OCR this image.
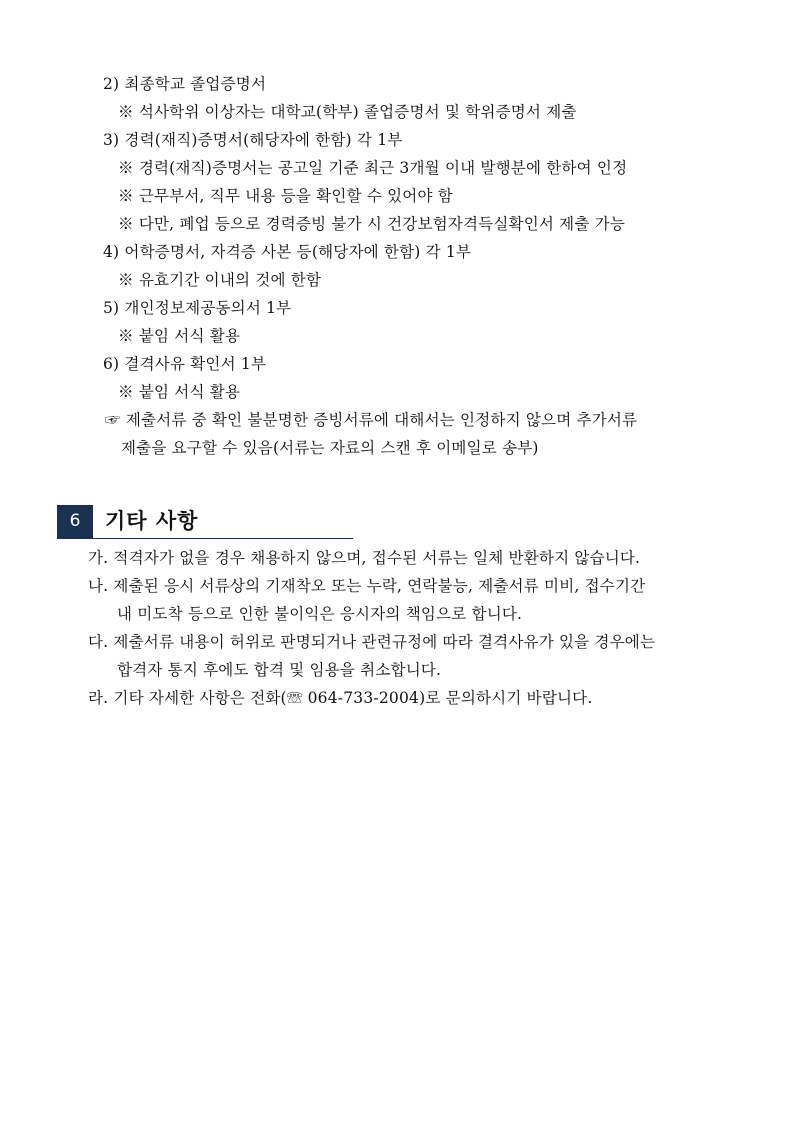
2) 최종학교 졸업증명서
※ 석사학위 이상자는 대학교(학부) 졸업증명서 및 학위증명서 제출
3) 경력(재직)증명서(해당자에 한함) 각 1부
※ 경력(재직)증명서는 공고일 기준 최근 3개월 이내 발행분에 한하여 인정
※ 근무부서, 직무 내용 등을 확인할 수 있어야 함
※ 다만, 폐업 등으로 경력증빙 불가 시 건강보험자격득실확인서 제출 가능
4) 어학증명서, 자격증 사본 등(해당자에 한함) 각 1부
※ 유효기간 이내의 것에 한함
5) 개인정보제공동의서 1부
※ 붙임 서식 활용
6) 결격사유 확인서 1부
※ 붙임 서식 활용
☞ 제출서류 중 확인 불분명한 증빙서류에 대해서는 인정하지 않으며 추가서류
제출을 요구할 수 있음(서류는 자료의 스캔 후 이메일로 송부)
6	기타 사항
가. 적격자가 없을 경우 채용하지 않으며, 접수된 서류는 일체 반환하지 않습니다.
나. 제출된 응시 서류상의 기재착오 또는 누락, 연락불능, 제출서류 미비, 접수기간
내 미도착 등으로 인한 불이익은 응시자의 책임으로 합니다.
다. 제출서류 내용이 허위로 판명되거나 관련규정에 따라 결격사유가 있을 경우에는
합격자 통지 후에도 합격 및 임용을 취소합니다.
라. 기타 자세한 사항은 전화(☏ 064-733-2004)로 문의하시기 바랍니다.
